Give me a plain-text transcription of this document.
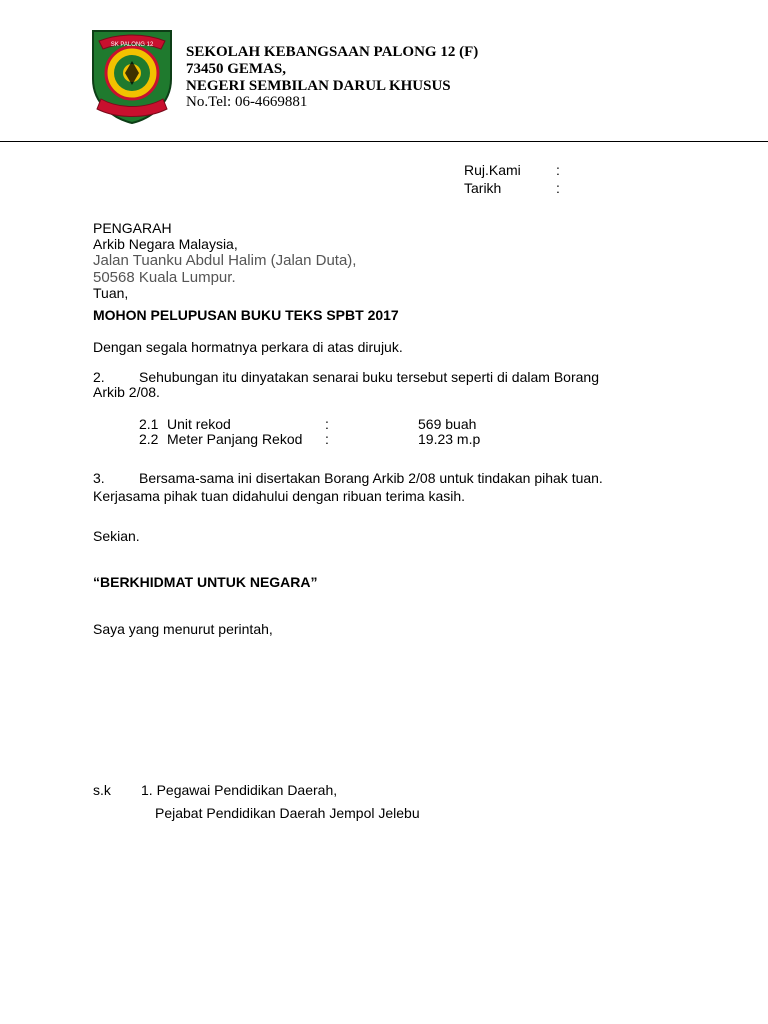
SK PALONG 12 SEKOLAH KEBANGSAAN PALONG 12 (F)
73450 GEMAS,
NEGERI SEMBILAN DARUL KHUSUS
No.Tel: 06-4669881
Ruj.Kami	:
Tarikh	:
PENGARAH
Arkib Negara Malaysia,
Jalan Tuanku Abdul Halim (Jalan Duta),
50568 Kuala Lumpur.
Tuan,
MOHON PELUPUSAN BUKU TEKS SPBT 2017
Dengan segala hormatnya perkara di atas dirujuk.
2. Sehubungan itu dinyatakan senarai buku tersebut seperti di dalam Borang
Arkib 2/08.
2.1 Unit rekod	:	569 buah
2.2 Meter Panjang Rekod :	19.23 m.p
3. Bersama-sama ini disertakan Borang Arkib 2/08 untuk tindakan pihak tuan.
Kerjasama pihak tuan didahului dengan ribuan terima kasih.
Sekian.
“BERKHIDMAT UNTUK NEGARA”
Saya yang menurut perintah,
s.k 1. Pegawai Pendidikan Daerah,
Pejabat Pendidikan Daerah Jempol Jelebu
